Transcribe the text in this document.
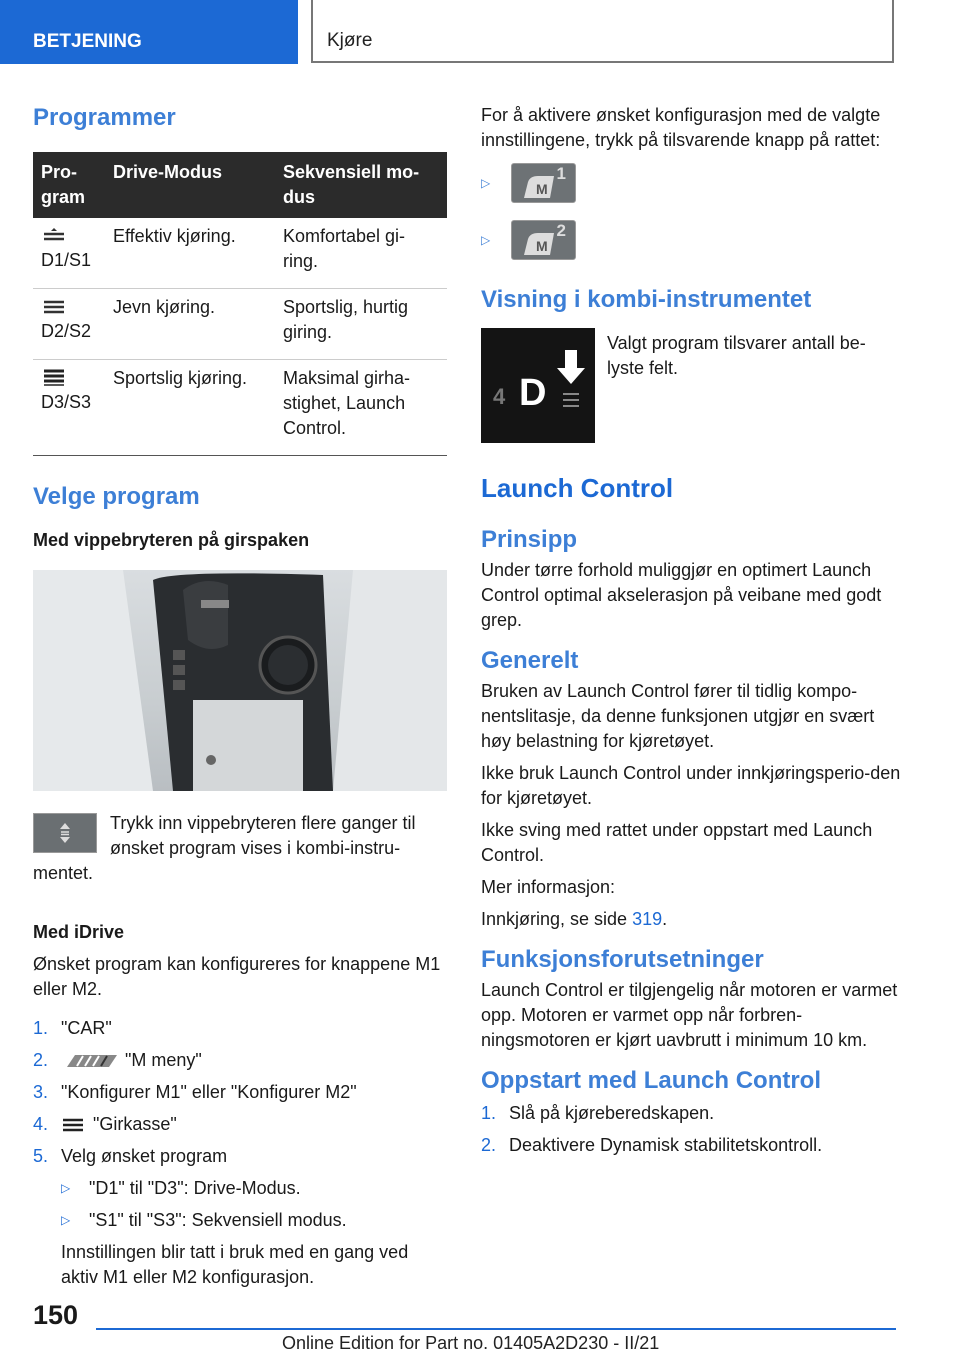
BETJENING	Kjøre
Programmer
Pro-gram	Drive-Modus	Sekvensiell mo-dus

D1/S1	Effektiv kjøring.	Komfortabel gi-ring.

D2/S2	Jevn kjøring.	Sportslig, hurtig giring.

D3/S3	Sportslig kjøring.	Maksimal girha-stighet, Launch Control.
Velge program

Med vippebryteren på girspaken

Trykk inn vippebryteren flere ganger til ønsket program vises i kombi-instru-mentet.

Med iDrive

Ønsket program kan konfigureres for knappene M1 eller M2.

1. "CAR"
2.	"M meny"
3. "Konfigurer M1" eller "Konfigurer M2"
4. "Girkasse"
5. Velg ønsket program
▷ "D1" til "D3": Drive-Modus.
▷ "S1" til "S3": Sekvensiell modus.

Innstillingen blir tatt i bruk med en gang ved aktiv M1 eller M2 konfigurasjon.

For å aktivere ønsket konfigurasjon med de valgte innstillingene, trykk på tilsvarende knapp på rattet:

▷	M
1
▷	M
2
Visning i kombi-instrumentet
4 D

Valgt program tilsvarer antall be-lyste felt.

Launch Control
Prinsipp

Under tørre forhold muliggjør en optimert Launch Control optimal akselerasjon på veibane med godt grep.

Generelt

Bruken av Launch Control fører til tidlig kompo-nentslitasje, da denne funksjonen utgjør en svært høy belastning for kjøretøyet.

Ikke bruk Launch Control under innkjøringsperio-den for kjøretøyet.

Ikke sving med rattet under oppstart med Launch Control.

Mer informasjon:

Innkjøring, se side 319.

Funksjonsforutsetninger

Launch Control er tilgjengelig når motoren er varmet opp. Motoren er varmet opp når forbren-ningsmotoren er kjørt uavbrutt i minimum 10 km.

Oppstart med Launch Control
1. Slå på kjøreberedskapen.
2. Deaktivere Dynamisk stabilitetskontroll.
150
Online Edition for Part no. 01405A2D230 - II/21
